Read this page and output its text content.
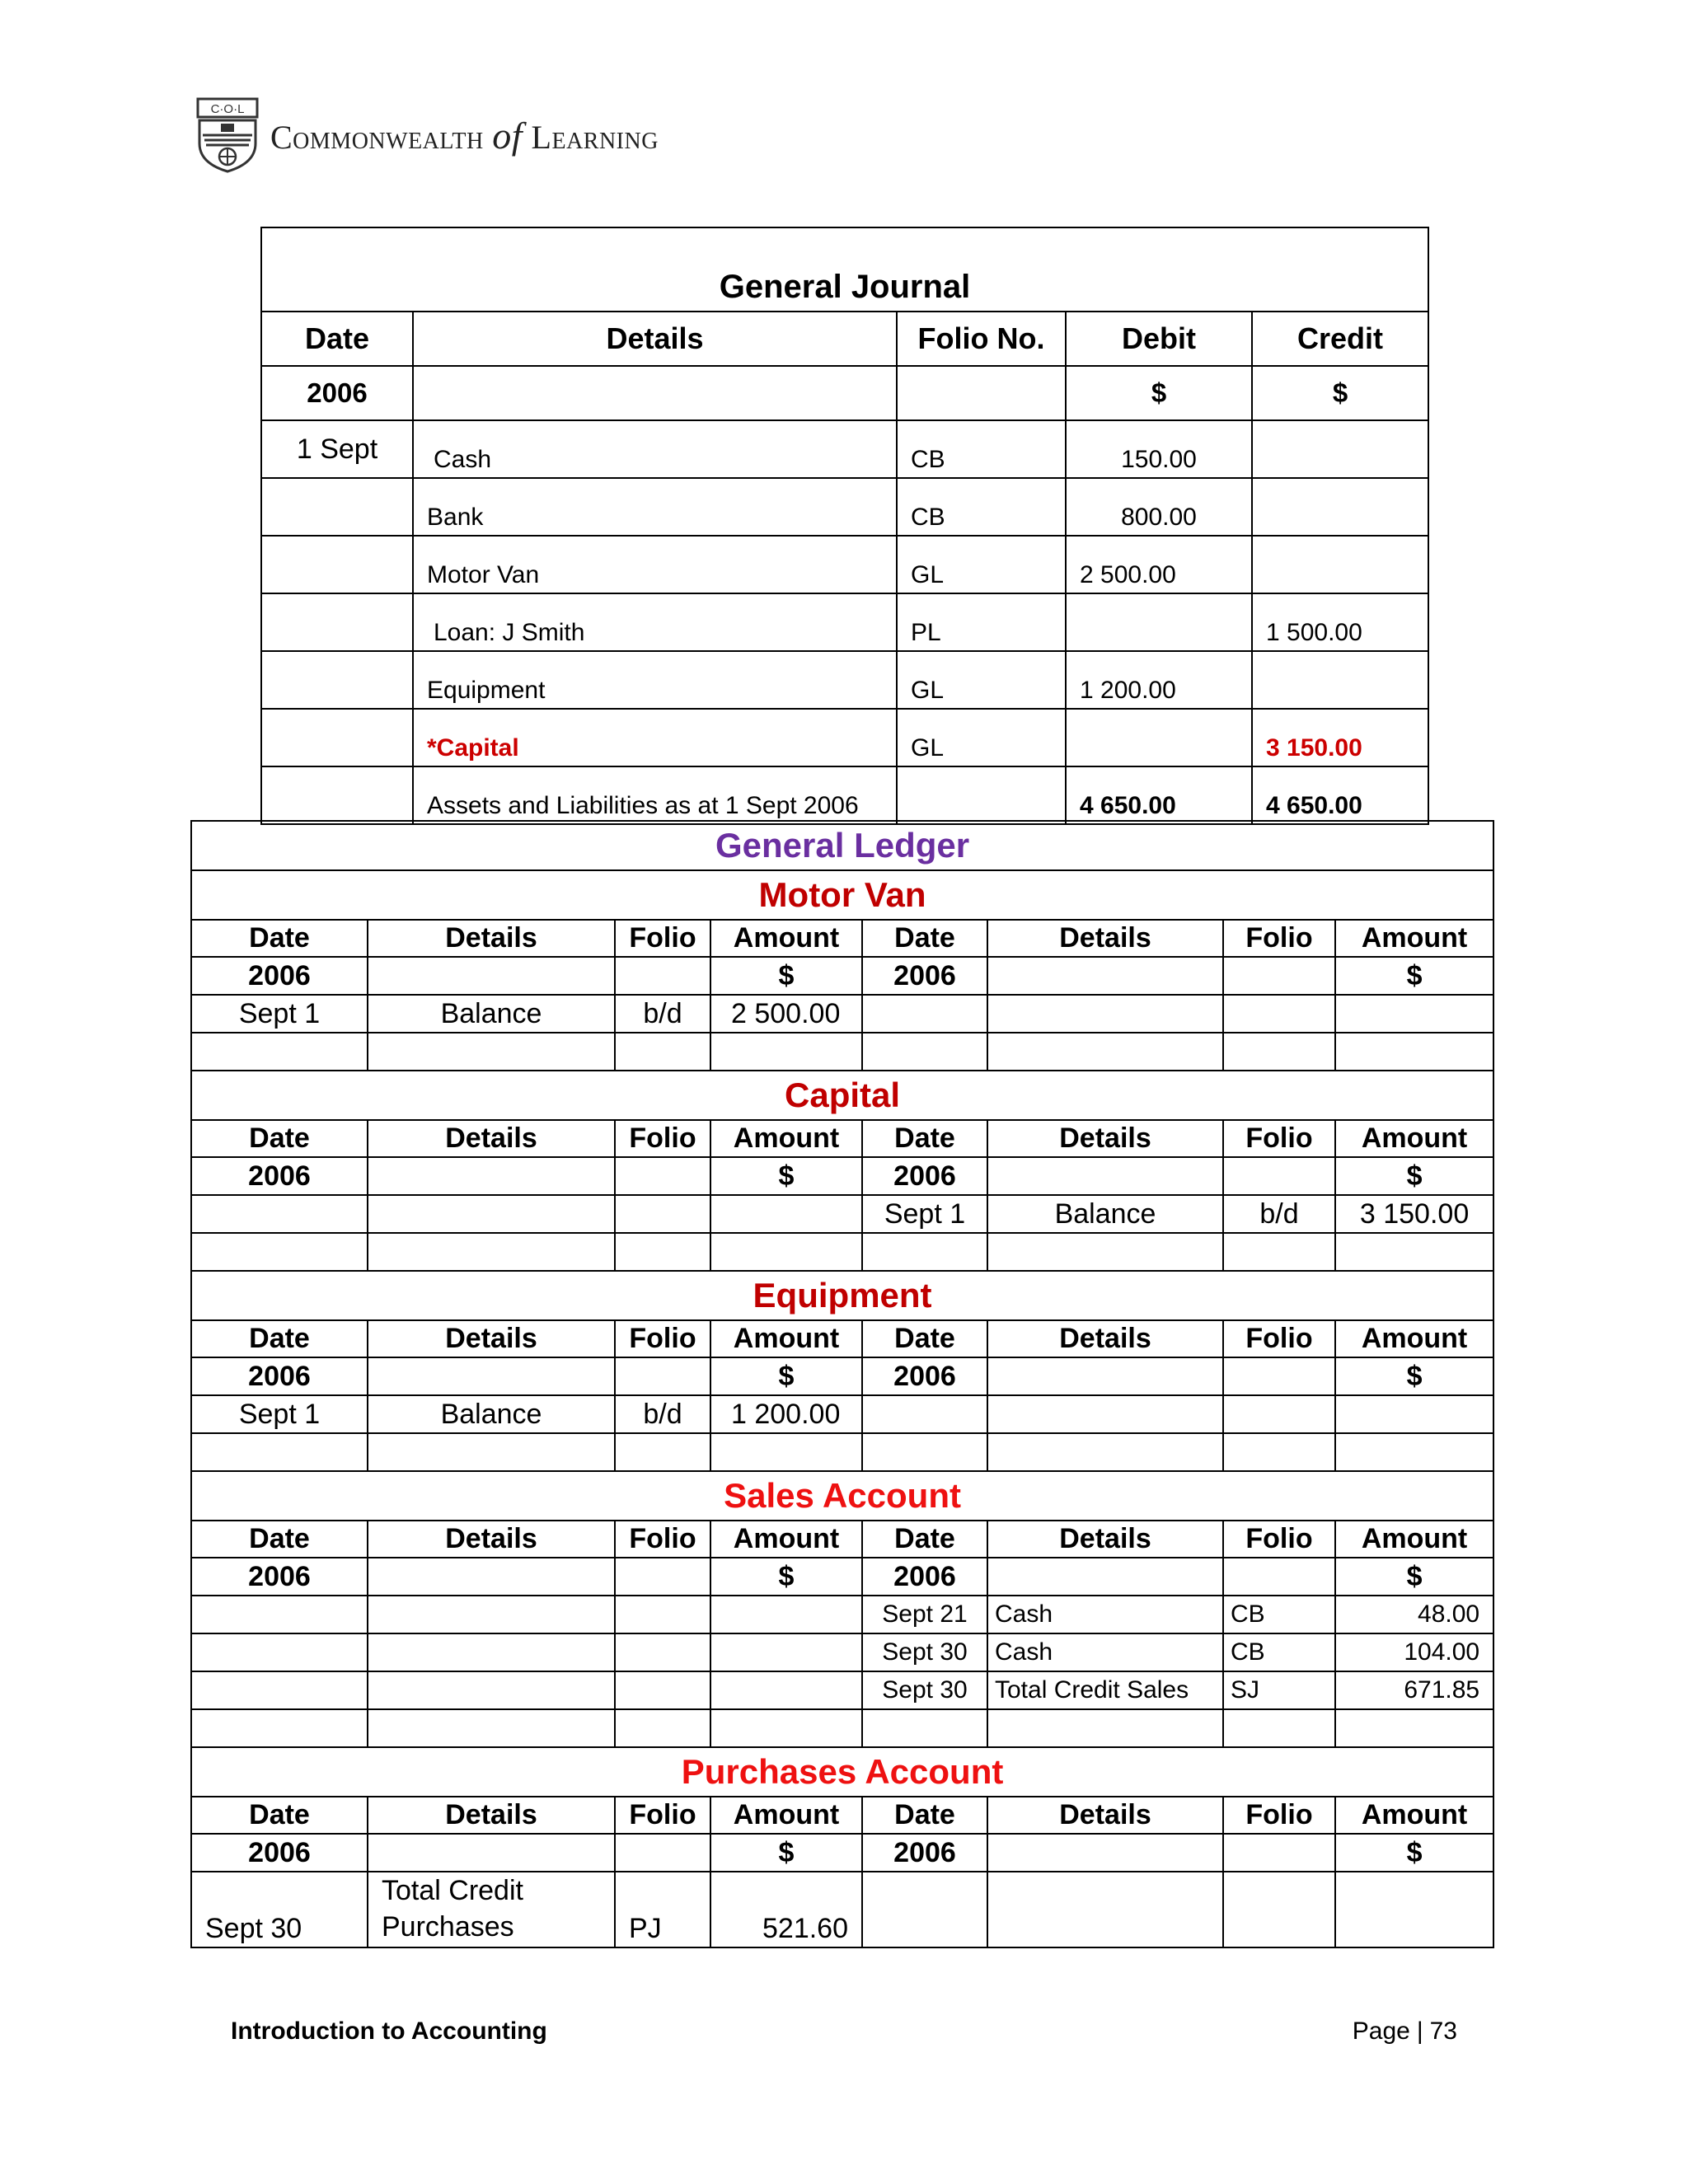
C·O·L
Commonwealth of Learning
General Journal				
Date	Details	Folio No.	Debit	Credit
2006			$	$
1 Sept	Cash	CB	150.00	
	Bank	CB	800.00	
	Motor Van	GL	2 500.00	
	Loan: J Smith	PL		1 500.00
	Equipment	GL	1 200.00	
	*Capital	GL		3 150.00
	Assets and Liabilities as at 1 Sept 2006		4 650.00	4 650.00
General Ledger							
Motor Van							
Date	Details	Folio	Amount	Date	Details	Folio	Amount
2006			$	2006			$
Sept 1	Balance	b/d	2 500.00				

Capital							
Date	Details	Folio	Amount	Date	Details	Folio	Amount
2006			$	2006			$
				Sept 1	Balance	b/d	3 150.00

Equipment							
Date	Details	Folio	Amount	Date	Details	Folio	Amount
2006			$	2006			$
Sept 1	Balance	b/d	1 200.00				

Sales Account							
Date	Details	Folio	Amount	Date	Details	Folio	Amount
2006			$	2006			$
				Sept 21	Cash	CB	48.00
				Sept 30	Cash	CB	104.00
				Sept 30	Total Credit Sales	SJ	671.85

Purchases Account							
Date	Details	Folio	Amount	Date	Details	Folio	Amount
2006			$	2006			$
Sept 30	Total Credit Purchases	PJ	521.60				
Introduction to Accounting	Page | 73
